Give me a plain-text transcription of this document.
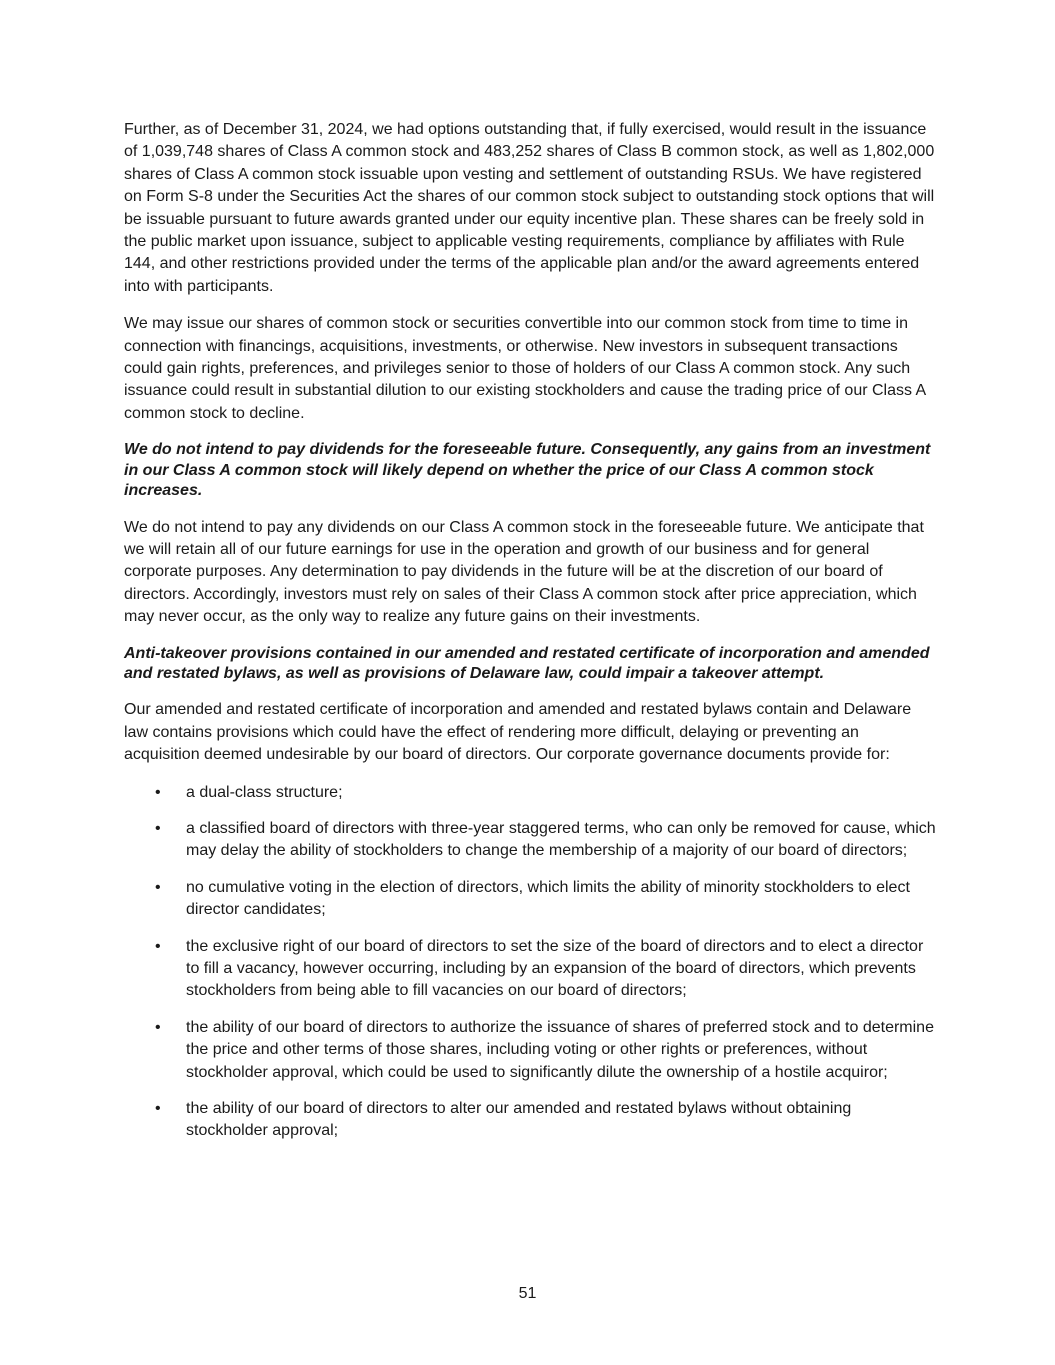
Further, as of December 31, 2024, we had options outstanding that, if fully exercised, would result in the issuance of 1,039,748 shares of Class A common stock and 483,252 shares of Class B common stock, as well as 1,802,000 shares of Class A common stock issuable upon vesting and settlement of outstanding RSUs. We have registered on Form S-8 under the Securities Act the shares of our common stock subject to outstanding stock options that will be issuable pursuant to future awards granted under our equity incentive plan. These shares can be freely sold in the public market upon issuance, subject to applicable vesting requirements, compliance by affiliates with Rule 144, and other restrictions provided under the terms of the applicable plan and/or the award agreements entered into with participants.

We may issue our shares of common stock or securities convertible into our common stock from time to time in connection with financings, acquisitions, investments, or otherwise. New investors in subsequent transactions could gain rights, preferences, and privileges senior to those of holders of our Class A common stock. Any such issuance could result in substantial dilution to our existing stockholders and cause the trading price of our Class A common stock to decline.

We do not intend to pay dividends for the foreseeable future. Consequently, any gains from an investment in our Class A common stock will likely depend on whether the price of our Class A common stock increases.

We do not intend to pay any dividends on our Class A common stock in the foreseeable future. We anticipate that we will retain all of our future earnings for use in the operation and growth of our business and for general corporate purposes. Any determination to pay dividends in the future will be at the discretion of our board of directors. Accordingly, investors must rely on sales of their Class A common stock after price appreciation, which may never occur, as the only way to realize any future gains on their investments.

Anti-takeover provisions contained in our amended and restated certificate of incorporation and amended and restated bylaws, as well as provisions of Delaware law, could impair a takeover attempt.

Our amended and restated certificate of incorporation and amended and restated bylaws contain and Delaware law contains provisions which could have the effect of rendering more difficult, delaying or preventing an acquisition deemed undesirable by our board of directors. Our corporate governance documents provide for:

• a dual-class structure;
• a classified board of directors with three-year staggered terms, who can only be removed for cause, which may delay the ability of stockholders to change the membership of a majority of our board of directors;
• no cumulative voting in the election of directors, which limits the ability of minority stockholders to elect director candidates;
• the exclusive right of our board of directors to set the size of the board of directors and to elect a director to fill a vacancy, however occurring, including by an expansion of the board of directors, which prevents stockholders from being able to fill vacancies on our board of directors;
• the ability of our board of directors to authorize the issuance of shares of preferred stock and to determine the price and other terms of those shares, including voting or other rights or preferences, without stockholder approval, which could be used to significantly dilute the ownership of a hostile acquiror;
• the ability of our board of directors to alter our amended and restated bylaws without obtaining stockholder approval;
51
